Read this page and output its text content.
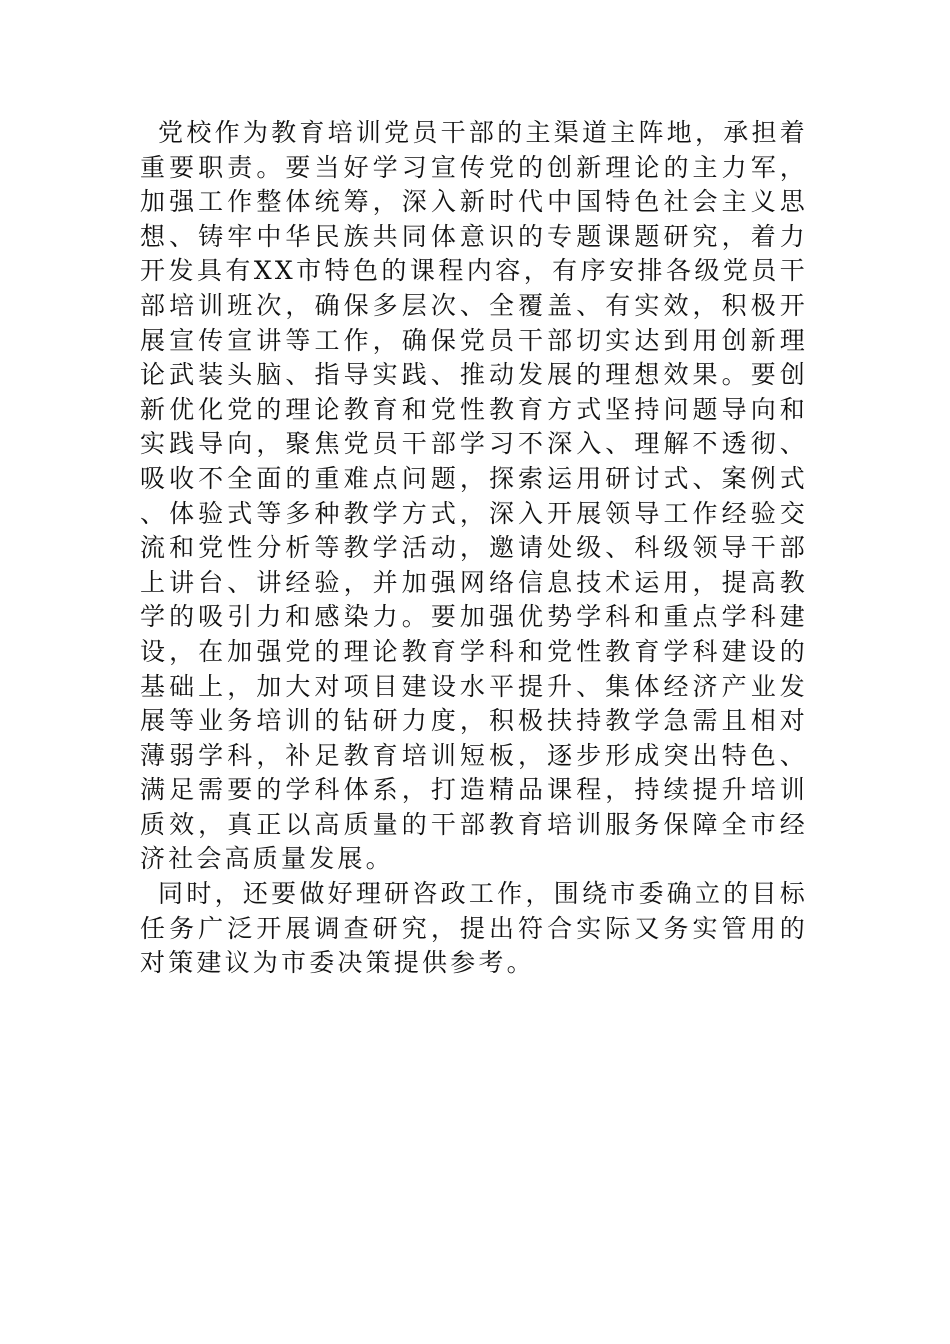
党校作为教育培训党员干部的主渠道主阵地，承担着重要职责。要当好学习宣传党的创新理论的主力军，加强工作整体统筹，深入新时代中国特色社会主义思想、铸牢中华民族共同体意识的专题课题研究，着力开发具有XX市特色的课程内容，有序安排各级党员干部培训班次，确保多层次、全覆盖、有实效，积极开展宣传宣讲等工作，确保党员干部切实达到用创新理论武装头脑、指导实践、推动发展的理想效果。要创新优化党的理论教育和党性教育方式坚持问题导向和实践导向，聚焦党员干部学习不深入、理解不透彻、吸收不全面的重难点问题，探索运用研讨式、案例式、体验式等多种教学方式，深入开展领导工作经验交流和党性分析等教学活动，邀请处级、科级领导干部上讲台、讲经验，并加强网络信息技术运用，提高教学的吸引力和感染力。要加强优势学科和重点学科建设，在加强党的理论教育学科和党性教育学科建设的基础上，加大对项目建设水平提升、集体经济产业发展等业务培训的钻研力度，积极扶持教学急需且相对薄弱学科，补足教育培训短板，逐步形成突出特色、满足需要的学科体系，打造精品课程，持续提升培训质效，真正以高质量的干部教育培训服务保障全市经济社会高质量发展。

同时，还要做好理研咨政工作，围绕市委确立的目标任务广泛开展调查研究，提出符合实际又务实管用的对策建议为市委决策提供参考。
